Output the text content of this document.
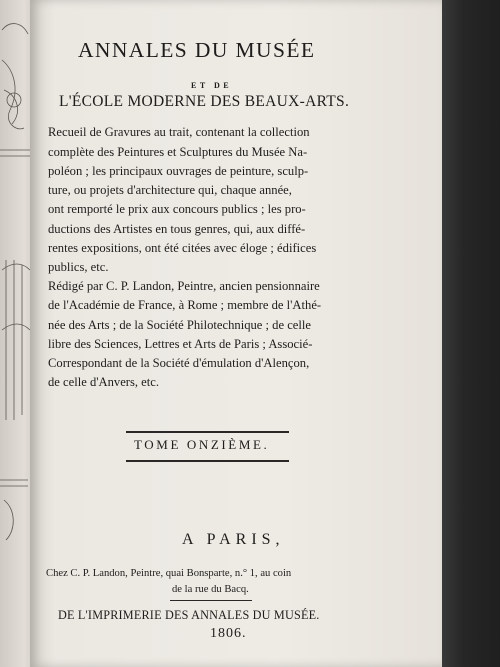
ANNALES DU MUSÉE
ET DE
L'ÉCOLE MODERNE DES BEAUX-ARTS.
Recueil de Gravures au trait, contenant la collection
complète des Peintures et Sculptures du Musée Na-
poléon ; les principaux ouvrages de peinture, sculp-
ture, ou projets d'architecture qui, chaque année,
ont remporté le prix aux concours publics ; les pro-
ductions des Artistes en tous genres, qui, aux diffé-
rentes expositions, ont été citées avec éloge ; édifices
publics, etc.
Rédigé par C. P. Landon, Peintre, ancien pensionnaire
de l'Académie de France, à Rome ; membre de l'Athé-
née des Arts ; de la Société Philotechnique ; de celle
libre des Sciences, Lettres et Arts de Paris ; Associé-
Correspondant de la Société d'émulation d'Alençon,
de celle d'Anvers, etc.
TOME ONZIÈME.
A PARIS,
Chez C. P. Landon, Peintre, quai Bonsparte, n.° 1, au coin
de la rue du Bacq.
DE L'IMPRIMERIE DES ANNALES DU MUSÉE.
1806.
